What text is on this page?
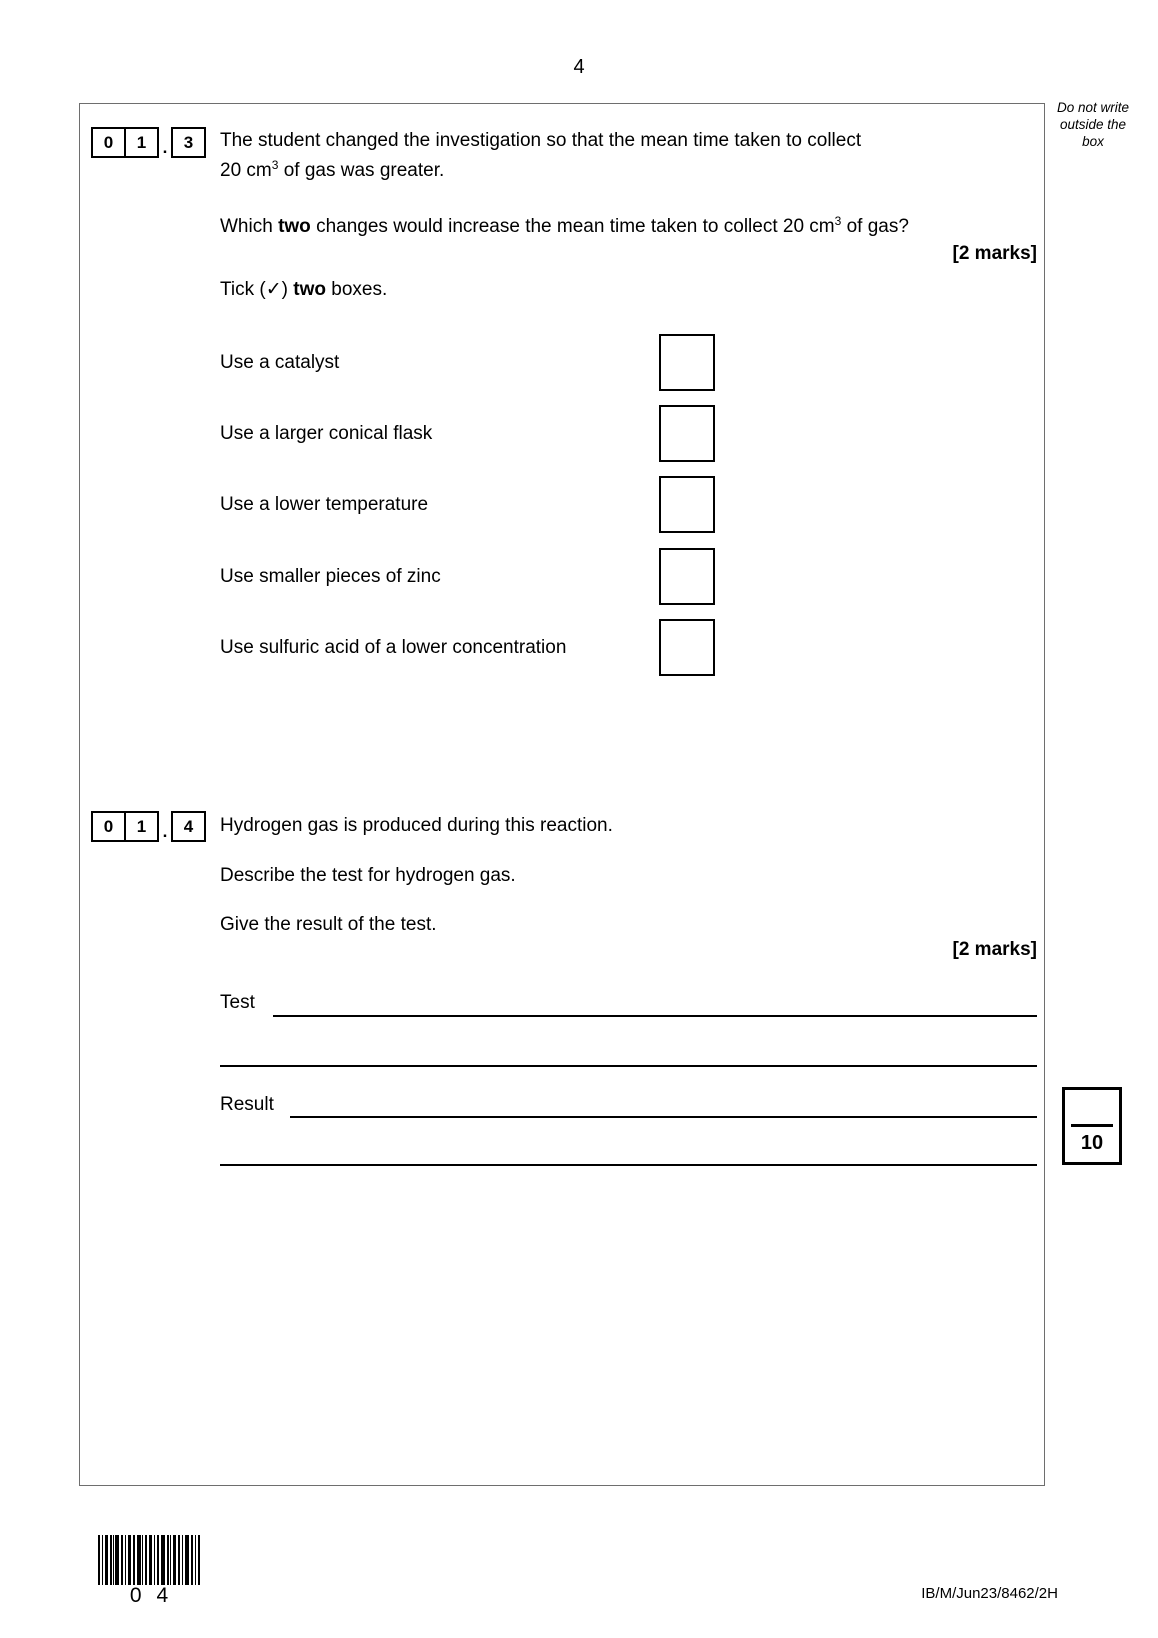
4
Do not write outside the box
0	1 . 3	The student changed the investigation so that the mean time taken to collect
20 $cm^3$ of gas was greater.
Which two changes would increase the mean time taken to collect 20 $cm^3$ of gas?
[2 marks]
Tick (✓) two boxes.
Use a catalyst
Use a larger conical flask
Use a lower temperature
Use smaller pieces of zinc
Use sulfuric acid of a lower concentration
0	1 . 4	Hydrogen gas is produced during this reaction.
Describe the test for hydrogen gas.
Give the result of the test.
[2 marks]
Test
Result
10
0 4	IB/M/Jun23/8462/2H
